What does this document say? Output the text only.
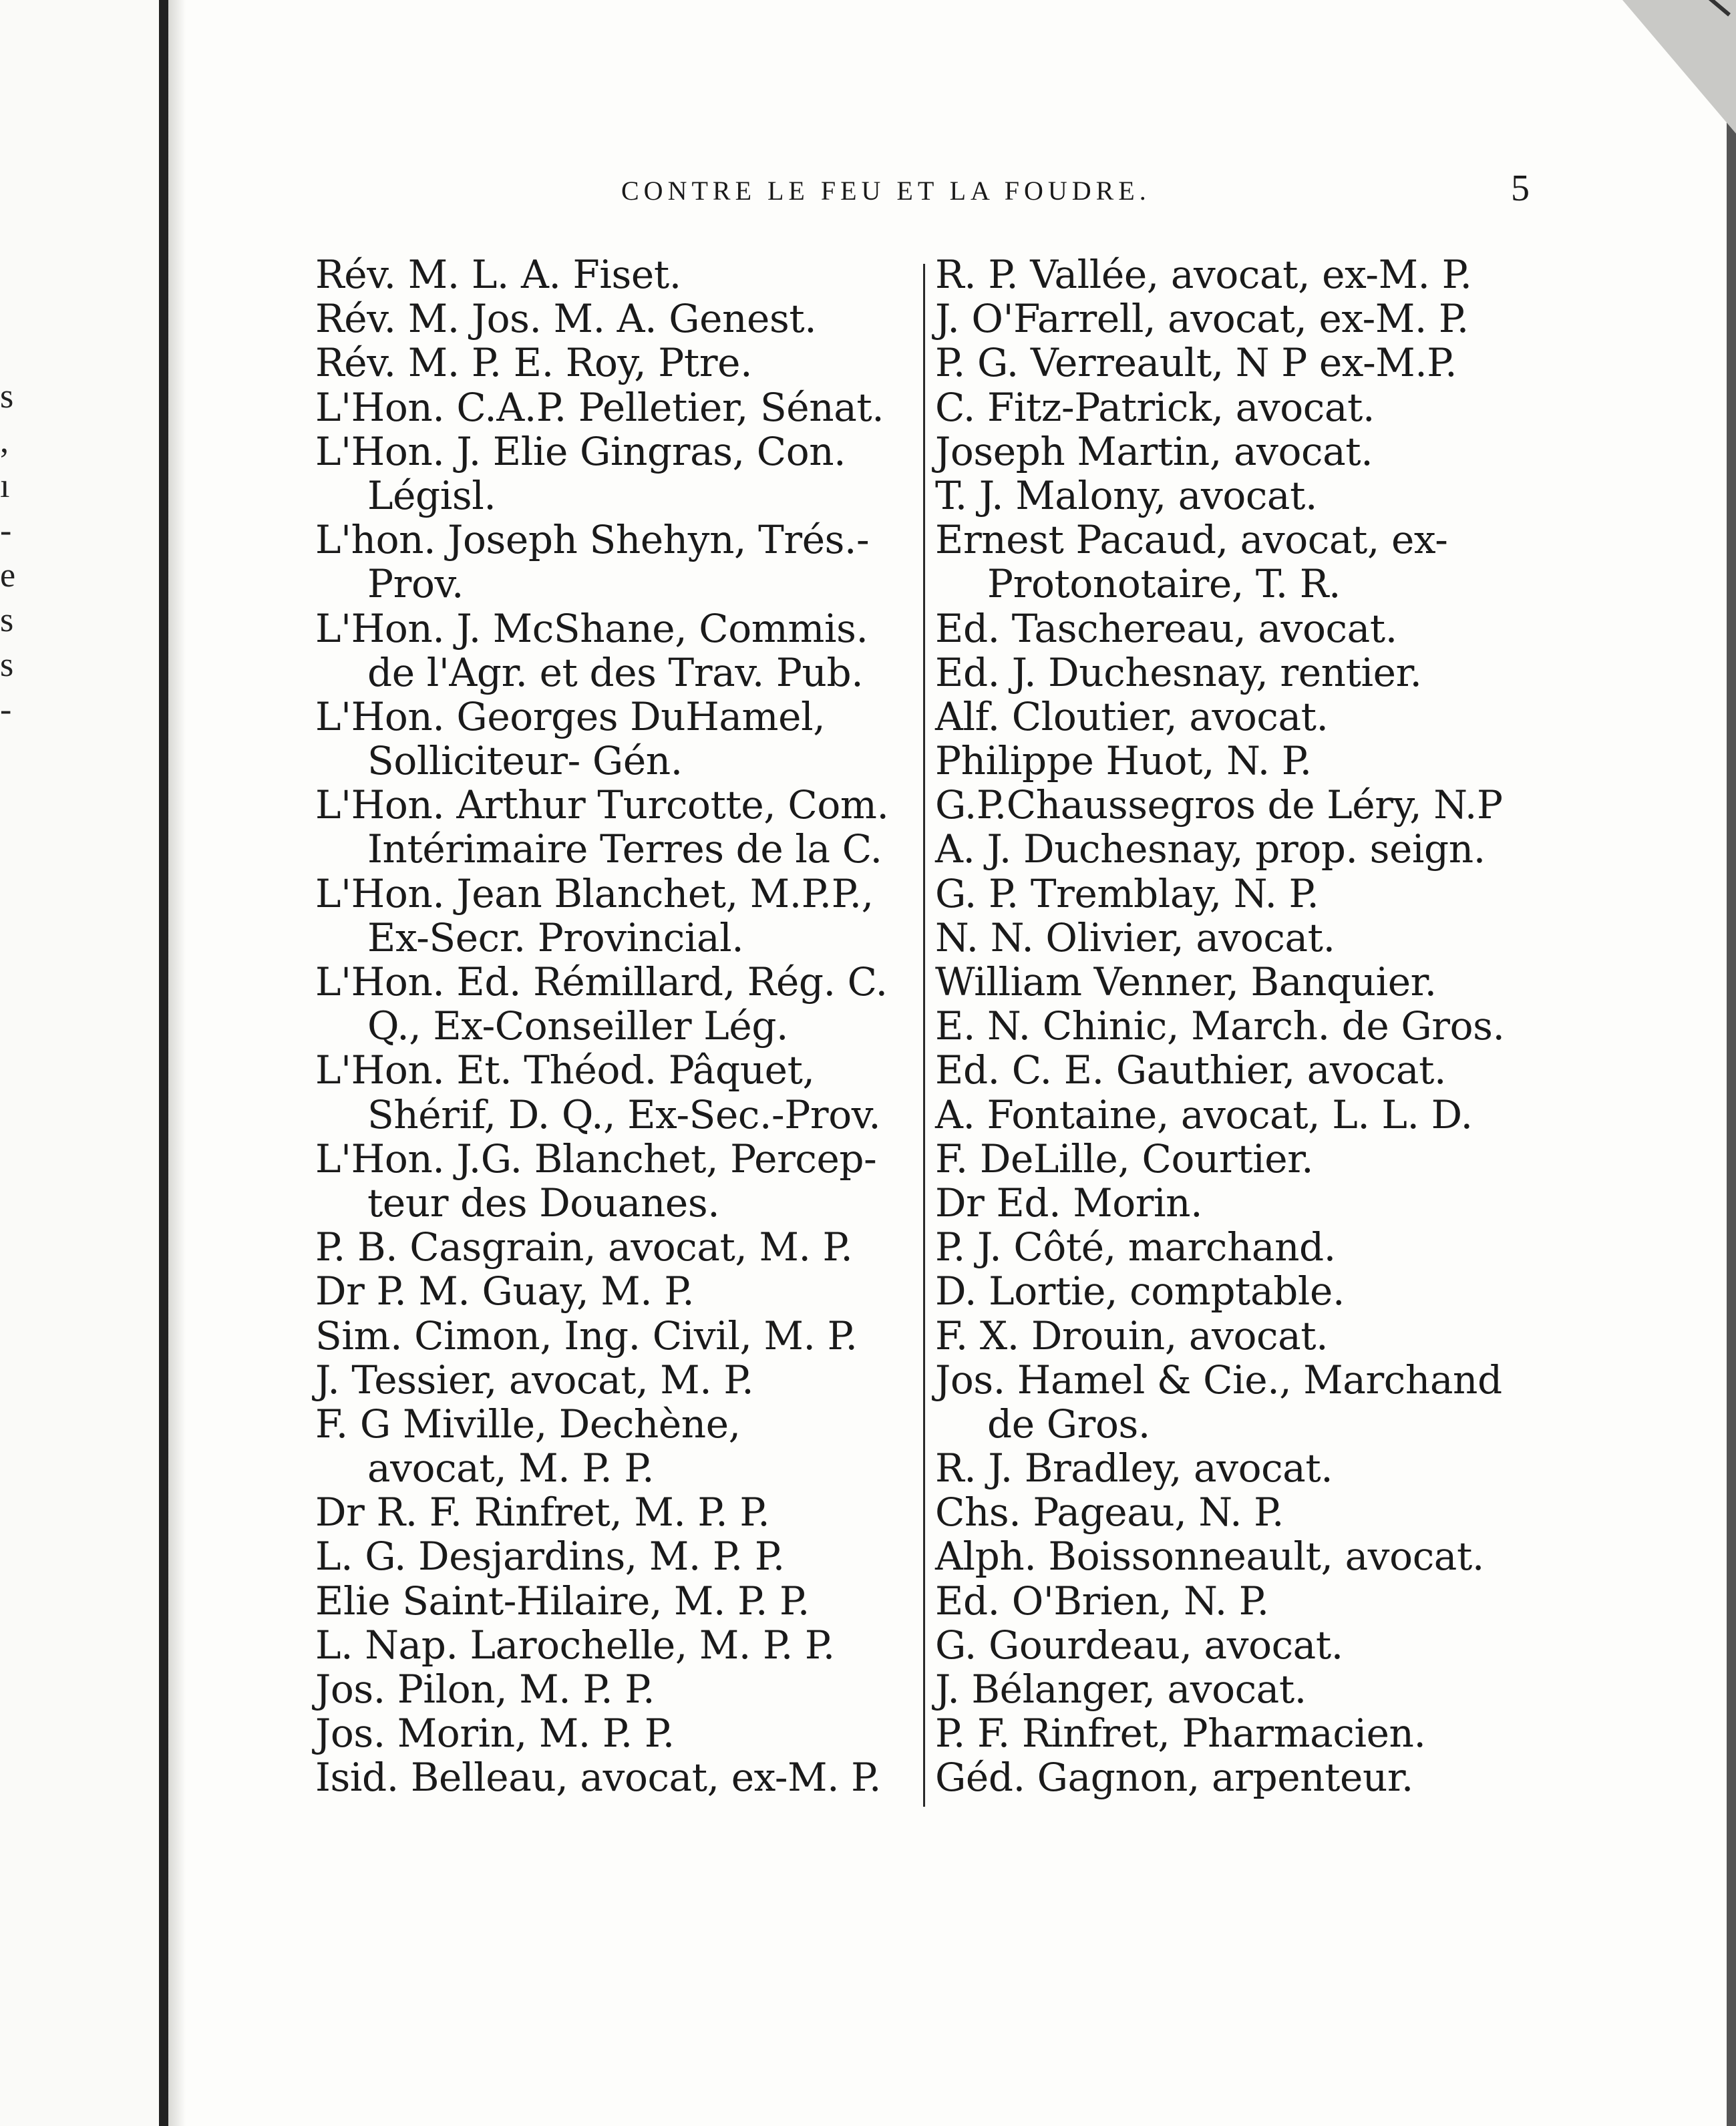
s
,
ı
-
e
s
s
-
CONTRE LE FEU ET LA FOUDRE.	5
Rév. M. L. A. Fiset.
Rév. M. Jos. M. A. Genest.
Rév. M. P. E. Roy, Ptre.
L'Hon. C.A.P. Pelletier, Sénat.
L'Hon. J. Elie Gingras, Con.
Législ.
L'hon. Joseph Shehyn, Trés.-
Prov.
L'Hon. J. McShane, Commis.
de l'Agr. et des Trav. Pub.
L'Hon. Georges DuHamel,
Solliciteur- Gén.
L'Hon. Arthur Turcotte, Com.
Intérimaire Terres de la C.
L'Hon. Jean Blanchet, M.P.P.,
Ex-Secr. Provincial.
L'Hon. Ed. Rémillard, Rég. C.
Q., Ex-Conseiller Lég.
L'Hon. Et. Théod. Pâquet,
Shérif, D. Q., Ex-Sec.-Prov.
L'Hon. J.G. Blanchet, Percep-
teur des Douanes.
P. B. Casgrain, avocat, M. P.
Dr P. M. Guay, M. P.
Sim. Cimon, Ing. Civil, M. P.
J. Tessier, avocat, M. P.
F. G Miville, Dechène,
avocat, M. P. P.
Dr R. F. Rinfret, M. P. P.
L. G. Desjardins, M. P. P.
Elie Saint-Hilaire, M. P. P.
L. Nap. Larochelle, M. P. P.
Jos. Pilon, M. P. P.
Jos. Morin, M. P. P.
Isid. Belleau, avocat, ex-M. P.
R. P. Vallée, avocat, ex-M. P.
J. O'Farrell, avocat, ex-M. P.
P. G. Verreault, N P ex-M.P.
C. Fitz-Patrick, avocat.
Joseph Martin, avocat.
T. J. Malony, avocat.
Ernest Pacaud, avocat, ex-
Protonotaire, T. R.
Ed. Taschereau, avocat.
Ed. J. Duchesnay, rentier.
Alf. Cloutier, avocat.
Philippe Huot, N. P.
G.P.Chaussegros de Léry, N.P
A. J. Duchesnay, prop. seign.
G. P. Tremblay, N. P.
N. N. Olivier, avocat.
William Venner, Banquier.
E. N. Chinic, March. de Gros.
Ed. C. E. Gauthier, avocat.
A. Fontaine, avocat, L. L. D.
F. DeLille, Courtier.
Dr Ed. Morin.
P. J. Côté, marchand.
D. Lortie, comptable.
F. X. Drouin, avocat.
Jos. Hamel & Cie., Marchand
de Gros.
R. J. Bradley, avocat.
Chs. Pageau, N. P.
Alph. Boissonneault, avocat.
Ed. O'Brien, N. P.
G. Gourdeau, avocat.
J. Bélanger, avocat.
P. F. Rinfret, Pharmacien.
Géd. Gagnon, arpenteur.
